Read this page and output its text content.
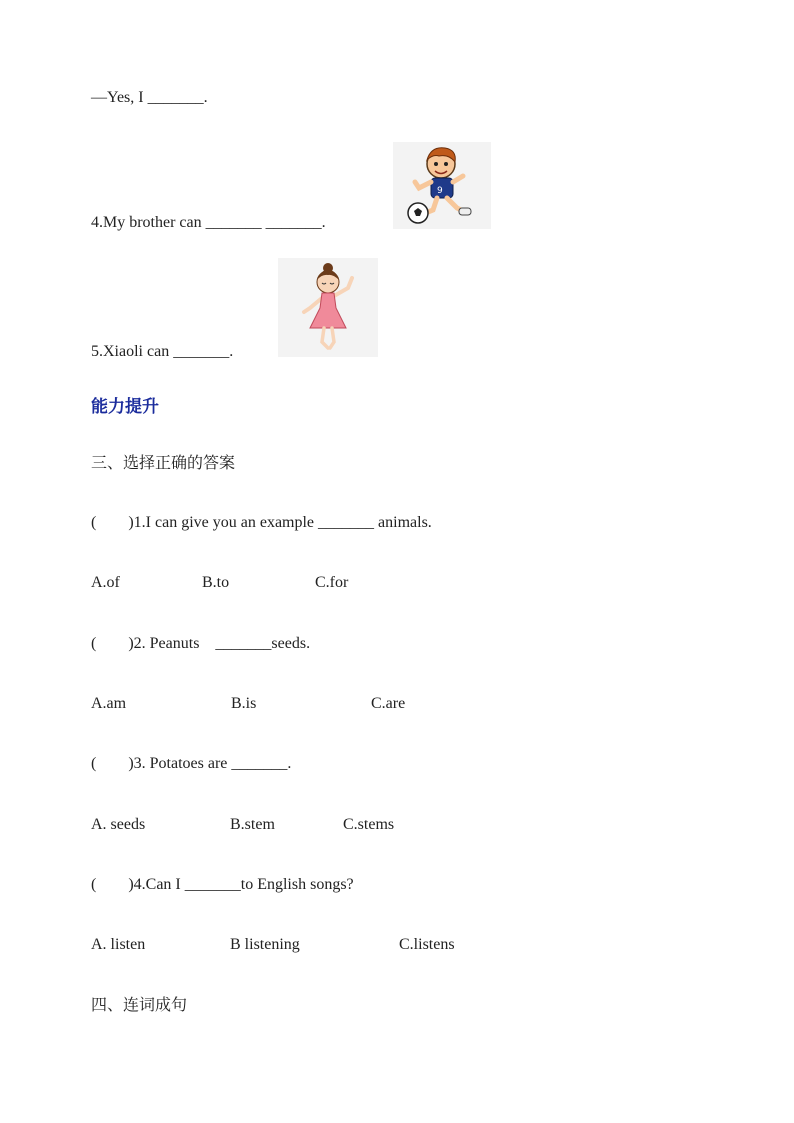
—Yes, I _______.
9
4.My brother can _______ _______.
5.Xiaoli can _______.
能力提升
三、选择正确的答案
(        )1.I can give you an example _______ animals.
A.of	B.to	C.for
(        )2. Peanuts    _______seeds.
A.am	B.is	C.are
(        )3. Potatoes are _______.
A. seeds	B.stem	C.stems
(        )4.Can I _______to English songs?
A. listen	B listening	C.listens
四、连词成句
